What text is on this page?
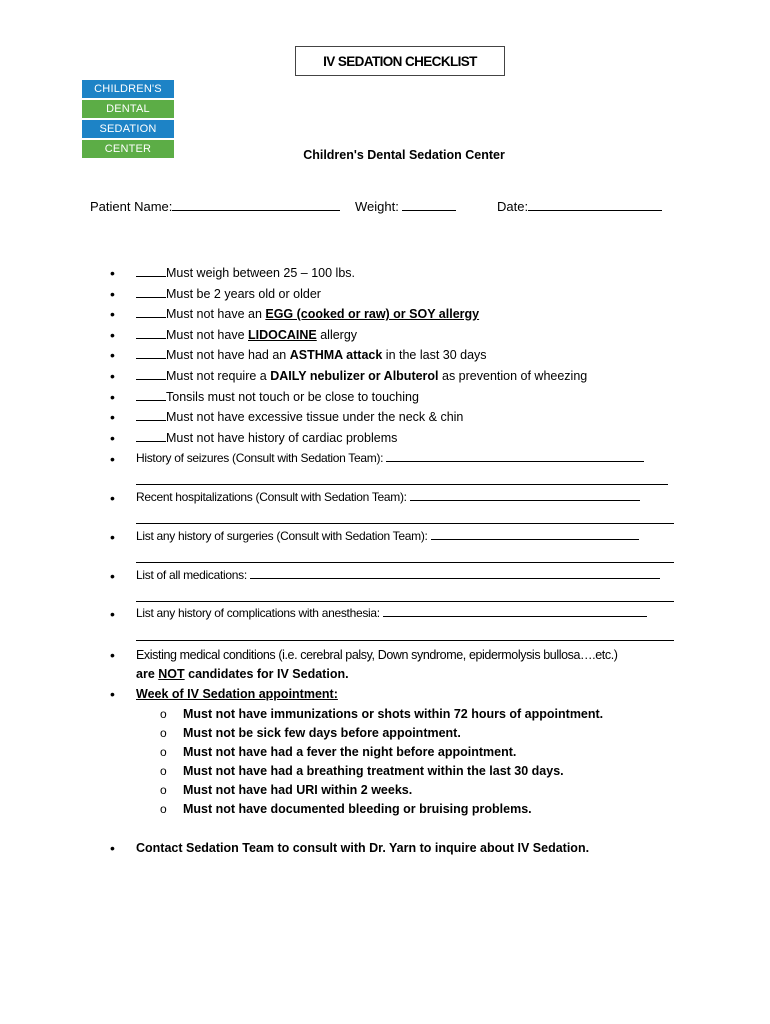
IV SEDATION CHECKLIST
CHILDREN'S
DENTAL
SEDATION
CENTER	Children's Dental Sedation Center
Patient Name:	Weight:	Date:
•	Must weigh between 25 – 100 lbs.
•	Must be 2 years old or older
•	Must not have an EGG (cooked or raw) or SOY allergy
•	Must not have LIDOCAINE allergy
•	Must not have had an ASTHMA attack in the last 30 days
•	Must not require a DAILY nebulizer or Albuterol as prevention of wheezing
•	Tonsils must not touch or be close to touching
•	Must not have excessive tissue under the neck & chin
•	Must not have history of cardiac problems
• History of seizures (Consult with Sedation Team):
• Recent hospitalizations (Consult with Sedation Team):
• List any history of surgeries (Consult with Sedation Team):
• List of all medications:
• List any history of complications with anesthesia:
• Existing medical conditions (i.e. cerebral palsy, Down syndrome, epidermolysis bullosa….etc.)
are NOT candidates for IV Sedation.
• Week of IV Sedation appointment:
o Must not have immunizations or shots within 72 hours of appointment.
o Must not be sick few days before appointment.
o Must not have had a fever the night before appointment.
o Must not have had a breathing treatment within the last 30 days.
o Must not have had URI within 2 weeks.
o Must not have documented bleeding or bruising problems.
• Contact Sedation Team to consult with Dr. Yarn to inquire about IV Sedation.
